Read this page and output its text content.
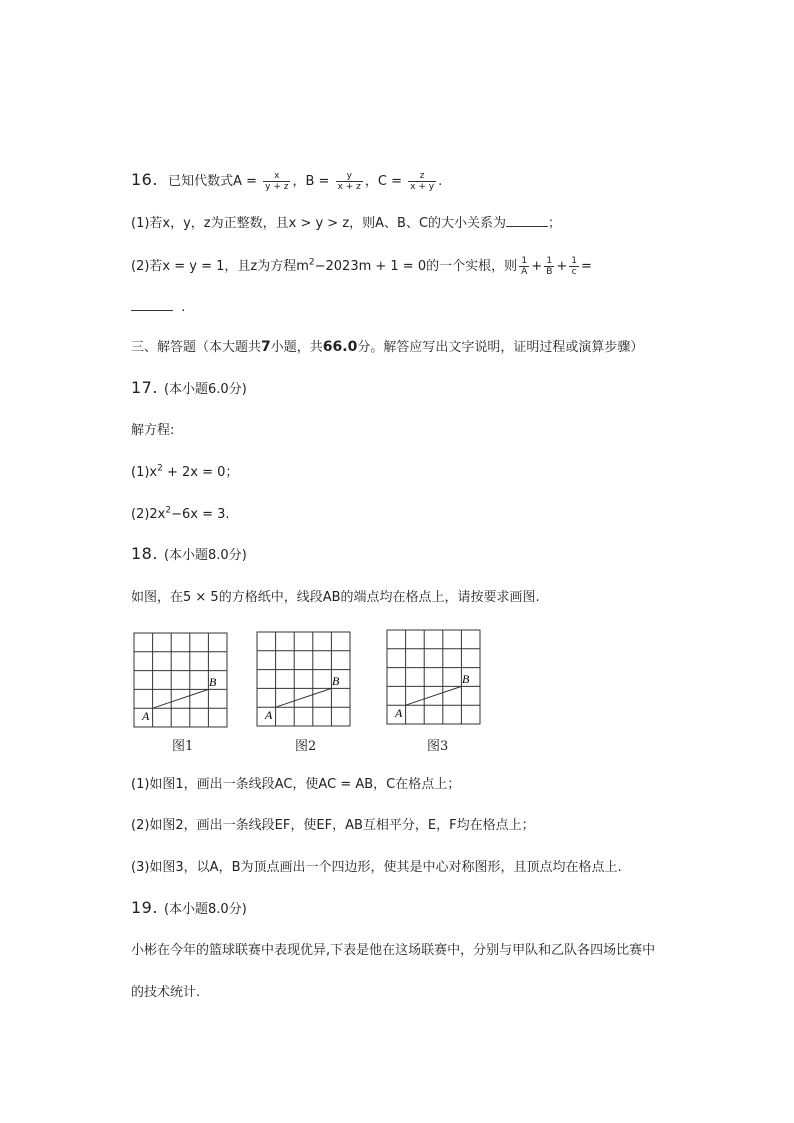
16. 已知代数式$A = \frac{x}{y + z}$ ，$B = \frac{y}{x + z}$ ，$C = \frac{z}{x + y}$ .
(1)若x，y，z为正整数，且x > y > z，则A、B、C的大小关系为	；
(2)若x = y = 1，且z为方程$m^2-2023m + 1 = 0$的一个实根，则 $\frac{1}{A} + \frac{1}{B} + \frac{1}{c}$ =
.
三、解答题（本大题共7小题，共66.0分。解答应写出文字说明，证明过程或演算步骤）
17. (本小题6.0分)
解方程:
$(1)x^2 + 2x = 0$；
$(2)2x^2-6x = 3$.
18. (本小题8.0分)
如图，在5 × 5的方格纸中，线段AB的端点均在格点上，请按要求画图.
A
B
图1
A
B
图2
A
B
图3
(1)如图1，画出一条线段AC，使AC = AB，C在格点上；
(2)如图2，画出一条线段EF，使EF，AB互相平分，E，F均在格点上；
(3)如图3，以A，B为顶点画出一个四边形，使其是中心对称图形，且顶点均在格点上.
19. (本小题8.0分)
小彬在今年的篮球联赛中表现优异,下表是他在这场联赛中，分别与甲队和乙队各四场比赛中
的技术统计.
